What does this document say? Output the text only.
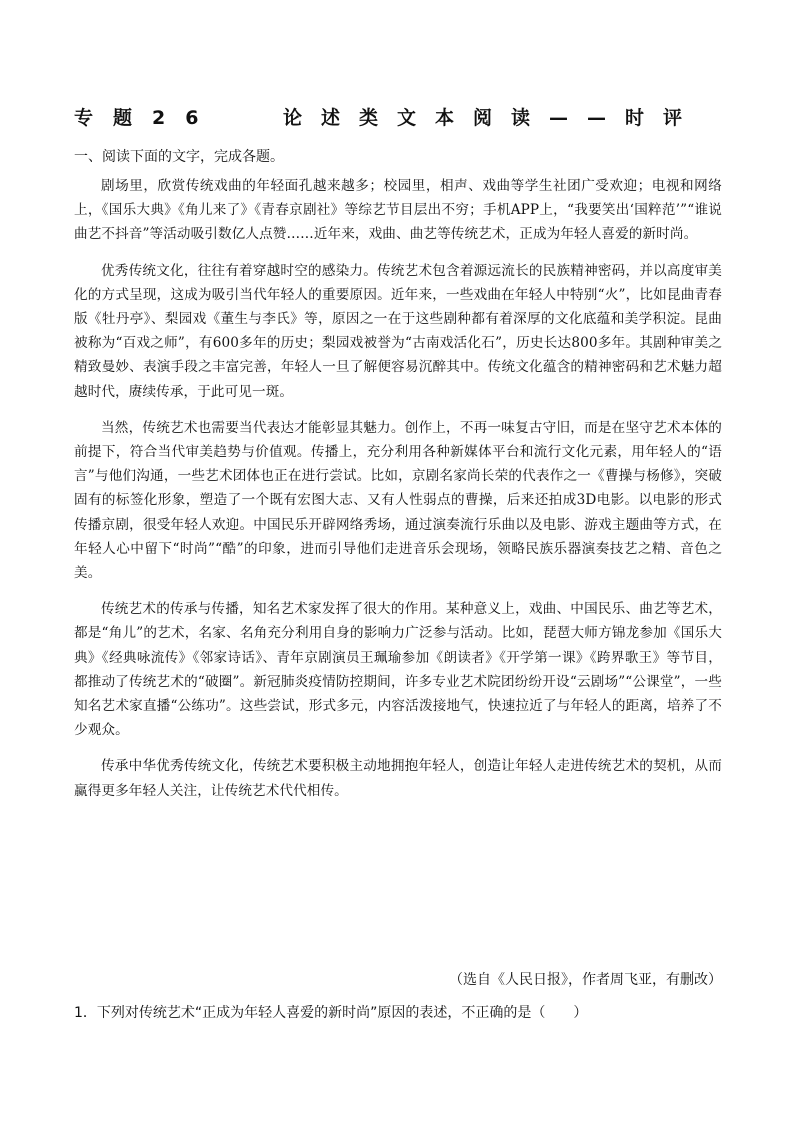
专题26	论述类文本阅读——时评
一、阅读下面的文字，完成各题。

剧场里，欣赏传统戏曲的年轻面孔越来越多；校园里，相声、戏曲等学生社团广受欢迎；电视和网络上，《国乐大典》《角儿来了》《青春京剧社》等综艺节目层出不穷；手机APP上，“我要笑出‘国粹范’”“谁说曲艺不抖音”等活动吸引数亿人点赞……近年来，戏曲、曲艺等传统艺术，正成为年轻人喜爱的新时尚。

优秀传统文化，往往有着穿越时空的感染力。传统艺术包含着源远流长的民族精神密码，并以高度审美化的方式呈现，这成为吸引当代年轻人的重要原因。近年来，一些戏曲在年轻人中特别“火”，比如昆曲青春版《牡丹亭》、梨园戏《董生与李氏》等，原因之一在于这些剧种都有着深厚的文化底蕴和美学积淀。昆曲被称为“百戏之师”，有600多年的历史；梨园戏被誉为“古南戏活化石”，历史长达800多年。其剧种审美之精致曼妙、表演手段之丰富完善，年轻人一旦了解便容易沉醉其中。传统文化蕴含的精神密码和艺术魅力超越时代，赓续传承，于此可见一斑。

当然，传统艺术也需要当代表达才能彰显其魅力。创作上，不再一味复古守旧，而是在坚守艺术本体的前提下，符合当代审美趋势与价值观。传播上，充分利用各种新媒体平台和流行文化元素，用年轻人的“语言”与他们沟通，一些艺术团体也正在进行尝试。比如，京剧名家尚长荣的代表作之一《曹操与杨修》，突破固有的标签化形象，塑造了一个既有宏图大志、又有人性弱点的曹操，后来还拍成3D电影。以电影的形式传播京剧，很受年轻人欢迎。中国民乐开辟网络秀场，通过演奏流行乐曲以及电影、游戏主题曲等方式，在年轻人心中留下“时尚”“酷”的印象，进而引导他们走进音乐会现场，领略民族乐器演奏技艺之精、音色之美。

传统艺术的传承与传播，知名艺术家发挥了很大的作用。某种意义上，戏曲、中国民乐、曲艺等艺术，都是“角儿”的艺术，名家、名角充分利用自身的影响力广泛参与活动。比如，琵琶大师方锦龙参加《国乐大典》《经典咏流传》《邻家诗话》、青年京剧演员王珮瑜参加《朗读者》《开学第一课》《跨界歌王》等节目，都推动了传统艺术的“破圈”。新冠肺炎疫情防控期间，许多专业艺术院团纷纷开设“云剧场”“公课堂”，一些知名艺术家直播“公练功”。这些尝试，形式多元，内容活泼接地气，快速拉近了与年轻人的距离，培养了不少观众。

传承中华优秀传统文化，传统艺术要积极主动地拥抱年轻人，创造让年轻人走进传统艺术的契机，从而赢得更多年轻人关注，让传统艺术代代相传。

（选自《人民日报》，作者周飞亚，有删改）
1．下列对传统艺术“正成为年轻人喜爱的新时尚”原因的表述，不正确的是（　　）
